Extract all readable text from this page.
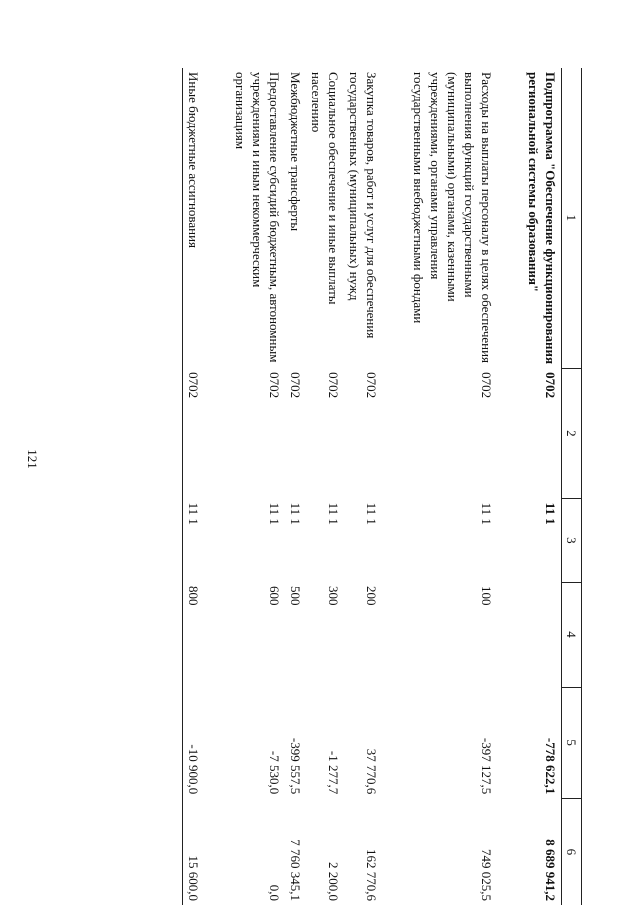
121
1	2	3	4	5	6
Подпрограмма "Обеспечение функционирования региональной системы образования"	0702	11 1		-778 622,1	8 689 941,2

Расходы на выплаты персоналу в целях обеспечения выполнения функций государственными (муниципальными) органами, казенными учреждениями, органами управления государственными внебюджетными фондами	0702	11 1	100	-397 127,5	749 025,5

Закупка товаров, работ и услуг для обеспечения государственных (муниципальных) нужд	0702	11 1	200	37 770,6	162 770,6
Социальное обеспечение и иные выплаты населению	0702	11 1	300	-1 277,7	2 200,0
Межбюджетные трансферты	0702	11 1	500	-399 557,5	7 760 345,1
Предоставление субсидий бюджетным, автономным учреждениям и иным некоммерческим организациям	0702	11 1	600	-7 530,0	0,0

Иные бюджетные ассигнования	0702	11 1	800	-10 900,0	15 600,0
